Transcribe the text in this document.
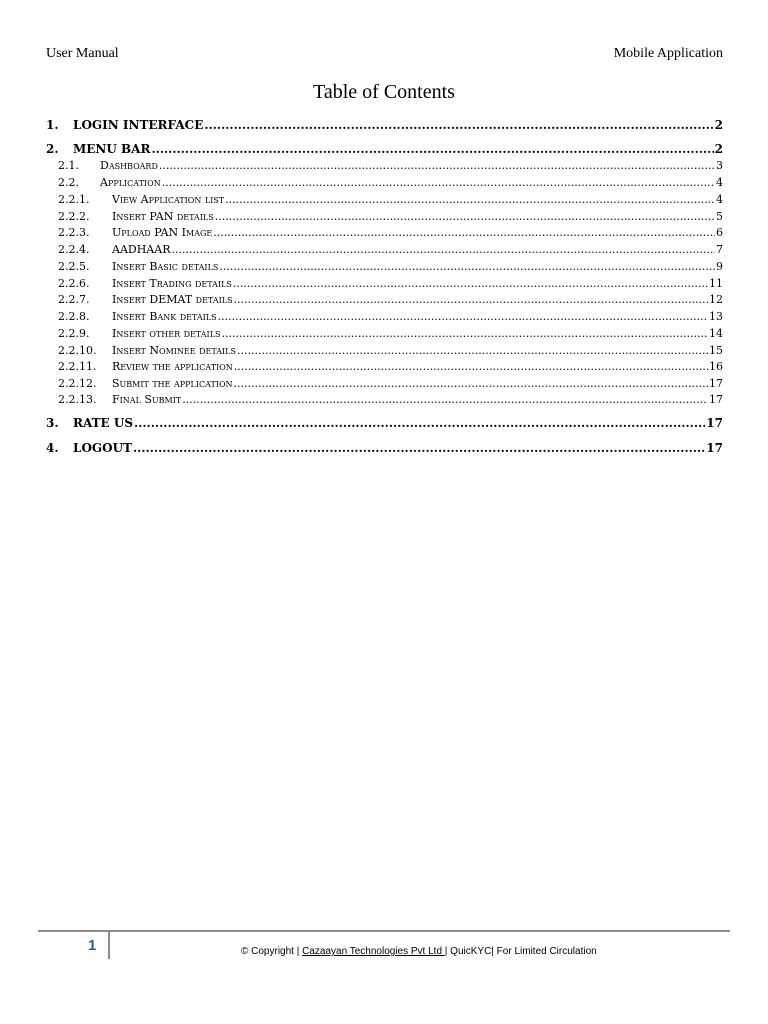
User Manual	Mobile Application
Table of Contents
1.	LOGIN INTERFACE .....	2
2.	MENU BAR .....	2
2.1.	Dashboard .....	3
2.2.	Application .....	4
2.2.1.	View Application list .....	4
2.2.2.	Insert PAN details .....	5
2.2.3.	Upload PAN Image .....	6
2.2.4.	AADHAAR .....	7
2.2.5.	Insert Basic details .....	9
2.2.6.	Insert Trading details .....	11
2.2.7.	Insert DEMAT details .....	12
2.2.8.	Insert Bank details .....	13
2.2.9.	Insert other details .....	14
2.2.10.	Insert Nominee details .....	15
2.2.11.	Review the application .....	16
2.2.12.	Submit the application .....	17
2.2.13.	Final Submit .....	17
3.	RATE US .....	17
4.	LOGOUT .....	17
1	© Copyright | Cazaayan Technologies Pvt Ltd | QuicKYC| For Limited Circulation
